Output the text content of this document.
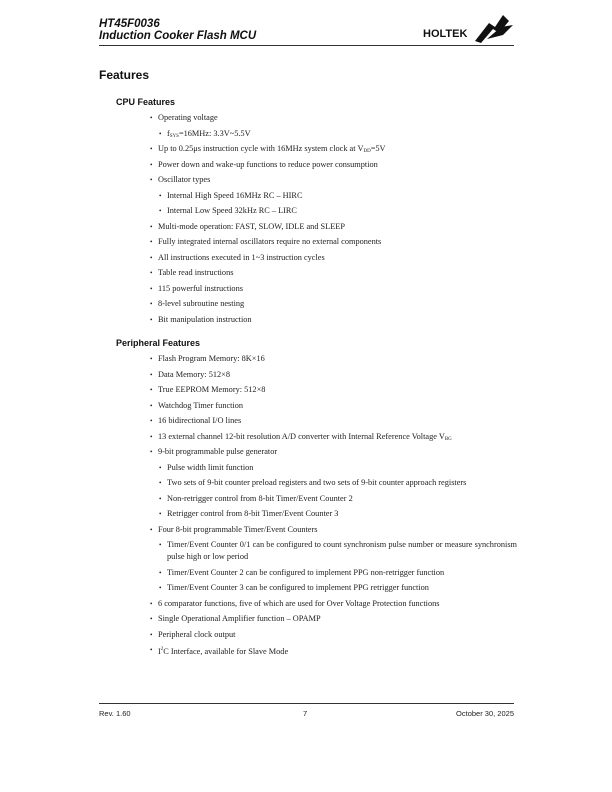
HT45F0036
Induction Cooker Flash MCU	HOLTEK
Features
CPU Features
• Operating voltage
• $f_{SYS}=16MHz$: 3.3V~5.5V
• Up to 0.25μs instruction cycle with 16MHz system clock at $V_{DD}=5V$
• Power down and wake-up functions to reduce power consumption
• Oscillator types
• Internal High Speed 16MHz RC – HIRC
• Internal Low Speed 32kHz RC – LIRC
• Multi-mode operation: FAST, SLOW, IDLE and SLEEP
• Fully integrated internal oscillators require no external components
• All instructions executed in 1~3 instruction cycles
• Table read instructions
• 115 powerful instructions
• 8-level subroutine nesting
• Bit manipulation instruction
Peripheral Features
• Flash Program Memory: 8K×16
• Data Memory: 512×8
• True EEPROM Memory: 512×8
• Watchdog Timer function
• 16 bidirectional I/O lines
• 13 external channel 12-bit resolution A/D converter with Internal Reference Voltage $V_{BG}$
• 9-bit programmable pulse generator
• Pulse width limit function
• Two sets of 9-bit counter preload registers and two sets of 9-bit counter approach registers
• Non-retrigger control from 8-bit Timer/Event Counter 2
• Retrigger control from 8-bit Timer/Event Counter 3
• Four 8-bit programmable Timer/Event Counters
• Timer/Event Counter 0/1 can be configured to count synchronism pulse number or measure synchronism pulse high or low period
• Timer/Event Counter 2 can be configured to implement PPG non-retrigger function
• Timer/Event Counter 3 can be configured to implement PPG retrigger function
• 6 comparator functions, five of which are used for Over Voltage Protection functions
• Single Operational Amplifier function – OPAMP
• Peripheral clock output
• $I^2C$ Interface, available for Slave Mode
Rev. 1.60	7	October 30, 2025
